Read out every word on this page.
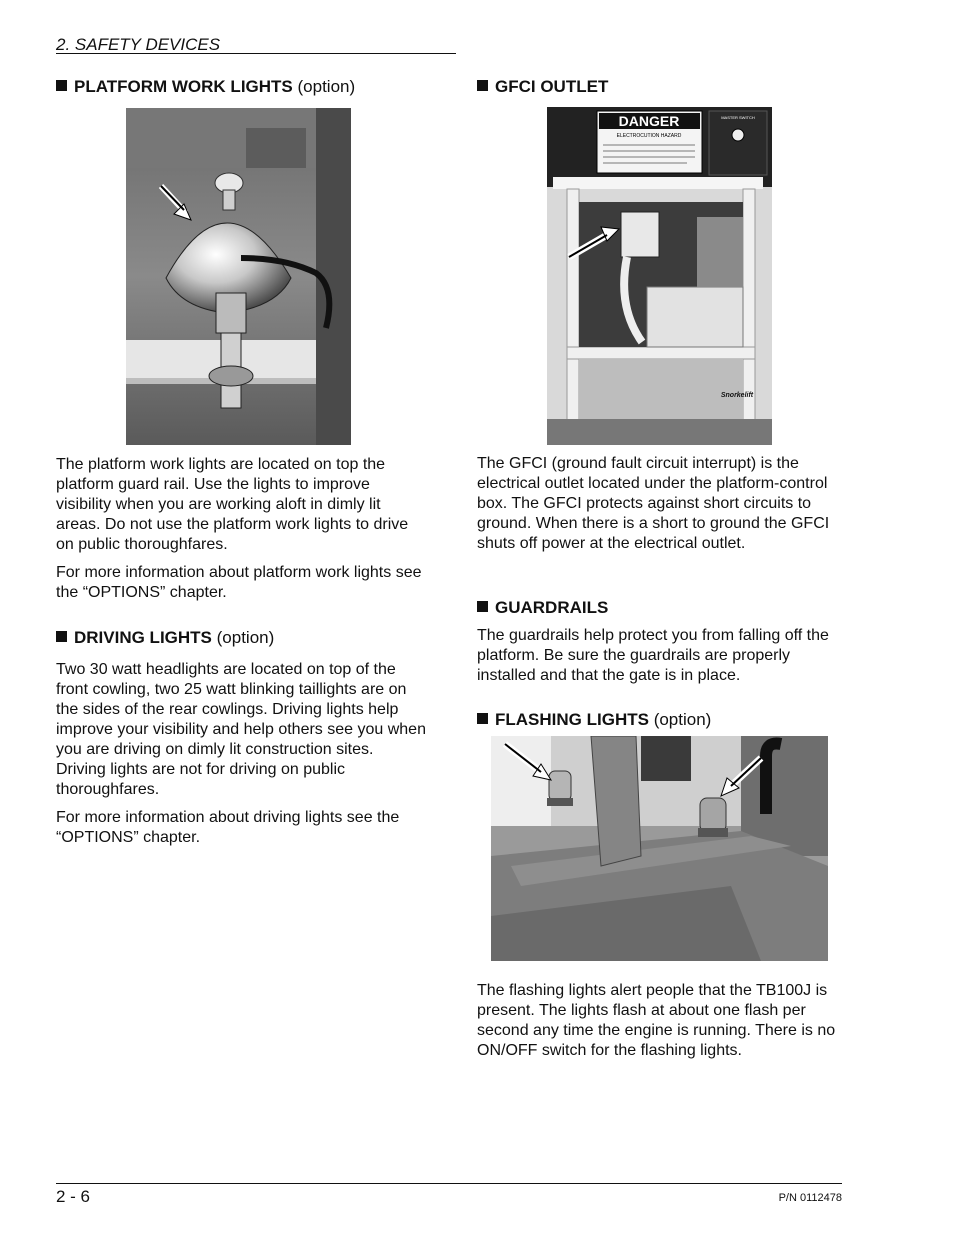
2. SAFETY DEVICES
PLATFORM WORK LIGHTS (option)

The platform work lights are located on top the platform guard rail. Use the lights to improve visibility when you are working aloft in dimly lit areas. Do not use the platform work lights to drive on public thoroughfares.

For more information about platform work lights see the “OPTIONS” chapter.

DRIVING LIGHTS (option)

Two 30 watt headlights are located on top of the front cowling, two 25 watt blinking taillights are on the sides of the rear cowlings. Driving lights help improve your visibility and help others see you when you are driving on dimly lit construction sites. Driving lights are not for driving on public thoroughfares.

For more information about driving lights see the “OPTIONS” chapter.

GFCI OUTLET
DANGER
ELECTROCUTION HAZARD
MASTER SWITCH
Snorkelift

The GFCI (ground fault circuit interrupt) is the electrical outlet located under the platform-control box. The GFCI protects against short circuits to ground. When there is a short to ground the GFCI shuts off power at the electrical outlet.

GUARDRAILS

The guardrails help protect you from falling off the platform. Be sure the guardrails are properly installed and that the gate is in place.

FLASHING LIGHTS (option)

The flashing lights alert people that the TB100J is present. The lights flash at about one flash per second any time the engine is running. There is no ON/OFF switch for the flashing lights.

2 - 6	P/N 0112478
